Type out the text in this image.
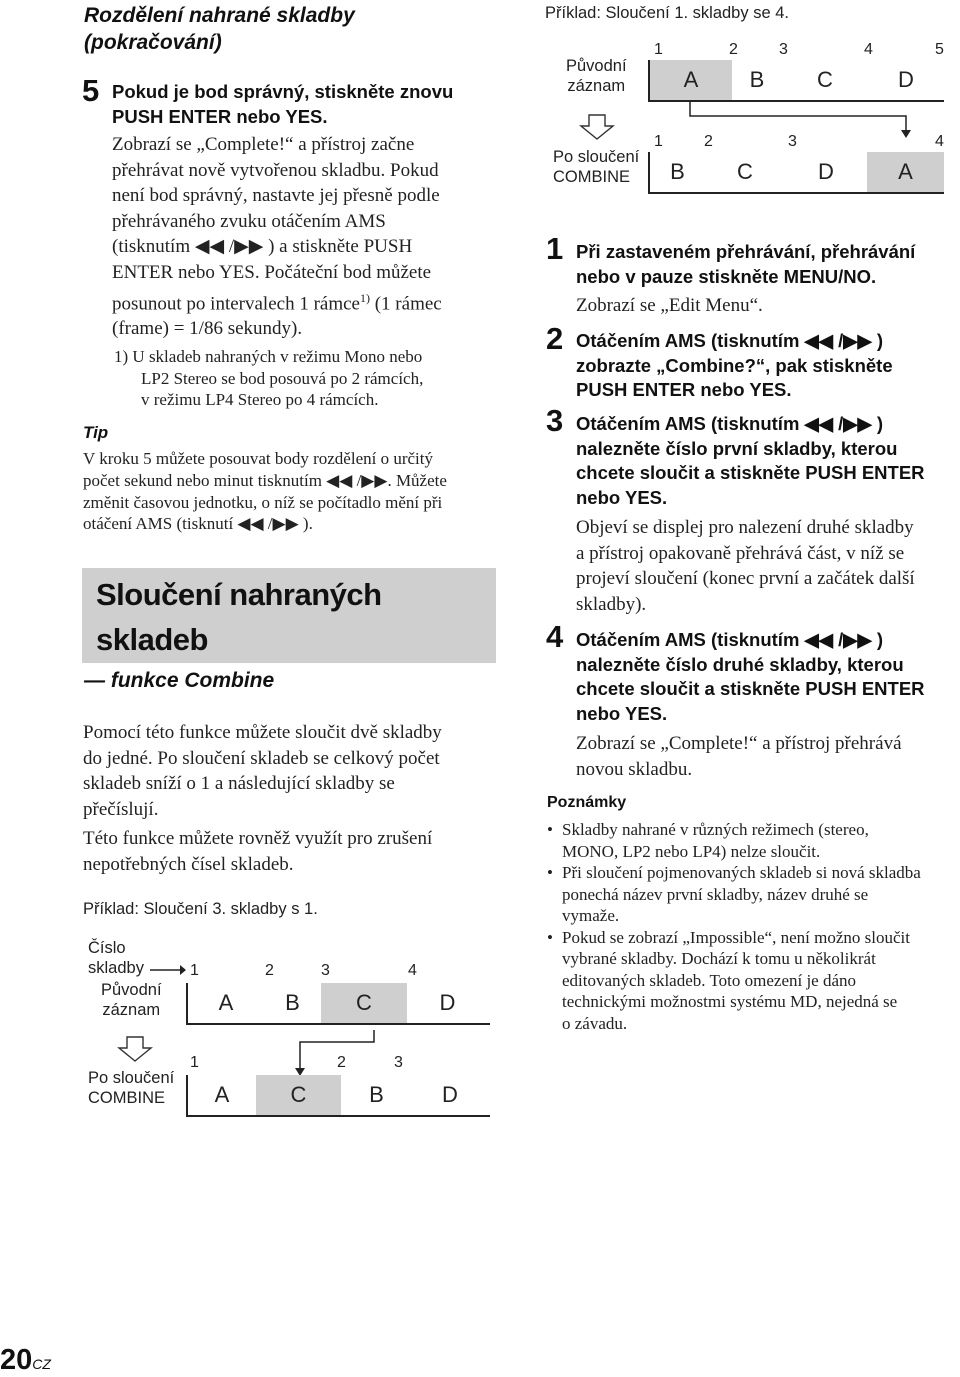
Rozdělení nahrané skladby
(pokračování)
5 Pokud je bod správný, stiskněte znovu
PUSH ENTER nebo YES.
Zobrazí se „Complete!“ a přístroj začne
přehrávat nově vytvořenou skladbu. Pokud
není bod správný, nastavte jej přesně podle
přehrávaného zvuku otáčením AMS
(tisknutím ◀◀ /▶▶ ) a stiskněte PUSH
ENTER nebo YES. Počáteční bod můžete
posunout po intervalech 1 rámce$^{1)}$ (1 rámec
(frame) = 1/86 sekundy).
1) U skladeb nahraných v režimu Mono nebo
LP2 Stereo se bod posouvá po 2 rámcích,
v režimu LP4 Stereo po 4 rámcích.
Tip
V kroku 5 můžete posouvat body rozdělení o určitý
počet sekund nebo minut tisknutím ◀◀ /▶▶. Můžete
změnit časovou jednotku, o níž se počítadlo mění při
otáčení AMS (tisknutí ◀◀ /▶▶ ).
Sloučení nahraných
skladeb
— funkce Combine
Pomocí této funkce můžete sloučit dvě skladby
do jedné. Po sloučení skladeb se celkový počet
skladeb sníží o 1 a následující skladby se
přečíslují.
Této funkce můžete rovněž využít pro zrušení
nepotřebných čísel skladeb.
Příklad: Sloučení 3. skladby s 1.
Číslo
skladby
Původní
záznam
1	2	3	4
A	B	C	D
Po sloučení
COMBINE
1	2	3
A	C	B	D
20CZ
Příklad: Sloučení 1. skladby se 4.
Původní
záznam
1	2	3	4	5
A	B	C	D
Po sloučení
COMBINE
1	2	3	4
B	C	D	A
1 Při zastaveném přehrávání, přehrávání
nebo v pauze stiskněte MENU/NO.
Zobrazí se „Edit Menu“.
2 Otáčením AMS (tisknutím ◀◀ /▶▶ )
zobrazte „Combine?“, pak stiskněte
PUSH ENTER nebo YES.
3 Otáčením AMS (tisknutím ◀◀ /▶▶ )
nalezněte číslo první skladby, kterou
chcete sloučit a stiskněte PUSH ENTER
nebo YES.
Objeví se displej pro nalezení druhé skladby
a přístroj opakovaně přehrává část, v níž se
projeví sloučení (konec první a začátek další
skladby).
4 Otáčením AMS (tisknutím ◀◀ /▶▶ )
nalezněte číslo druhé skladby, kterou
chcete sloučit a stiskněte PUSH ENTER
nebo YES.
Zobrazí se „Complete!“ a přístroj přehrává
novou skladbu.
Poznámky
• Skladby nahrané v různých režimech (stereo,
MONO, LP2 nebo LP4) nelze sloučit.
• Při sloučení pojmenovaných skladeb si nová skladba
ponechá název první skladby, název druhé se
vymaže.
• Pokud se zobrazí „Impossible“, není možno sloučit
vybrané skladby. Dochází k tomu u několikrát
editovaných skladeb. Toto omezení je dáno
technickými možnostmi systému MD, nejedná se
o závadu.
